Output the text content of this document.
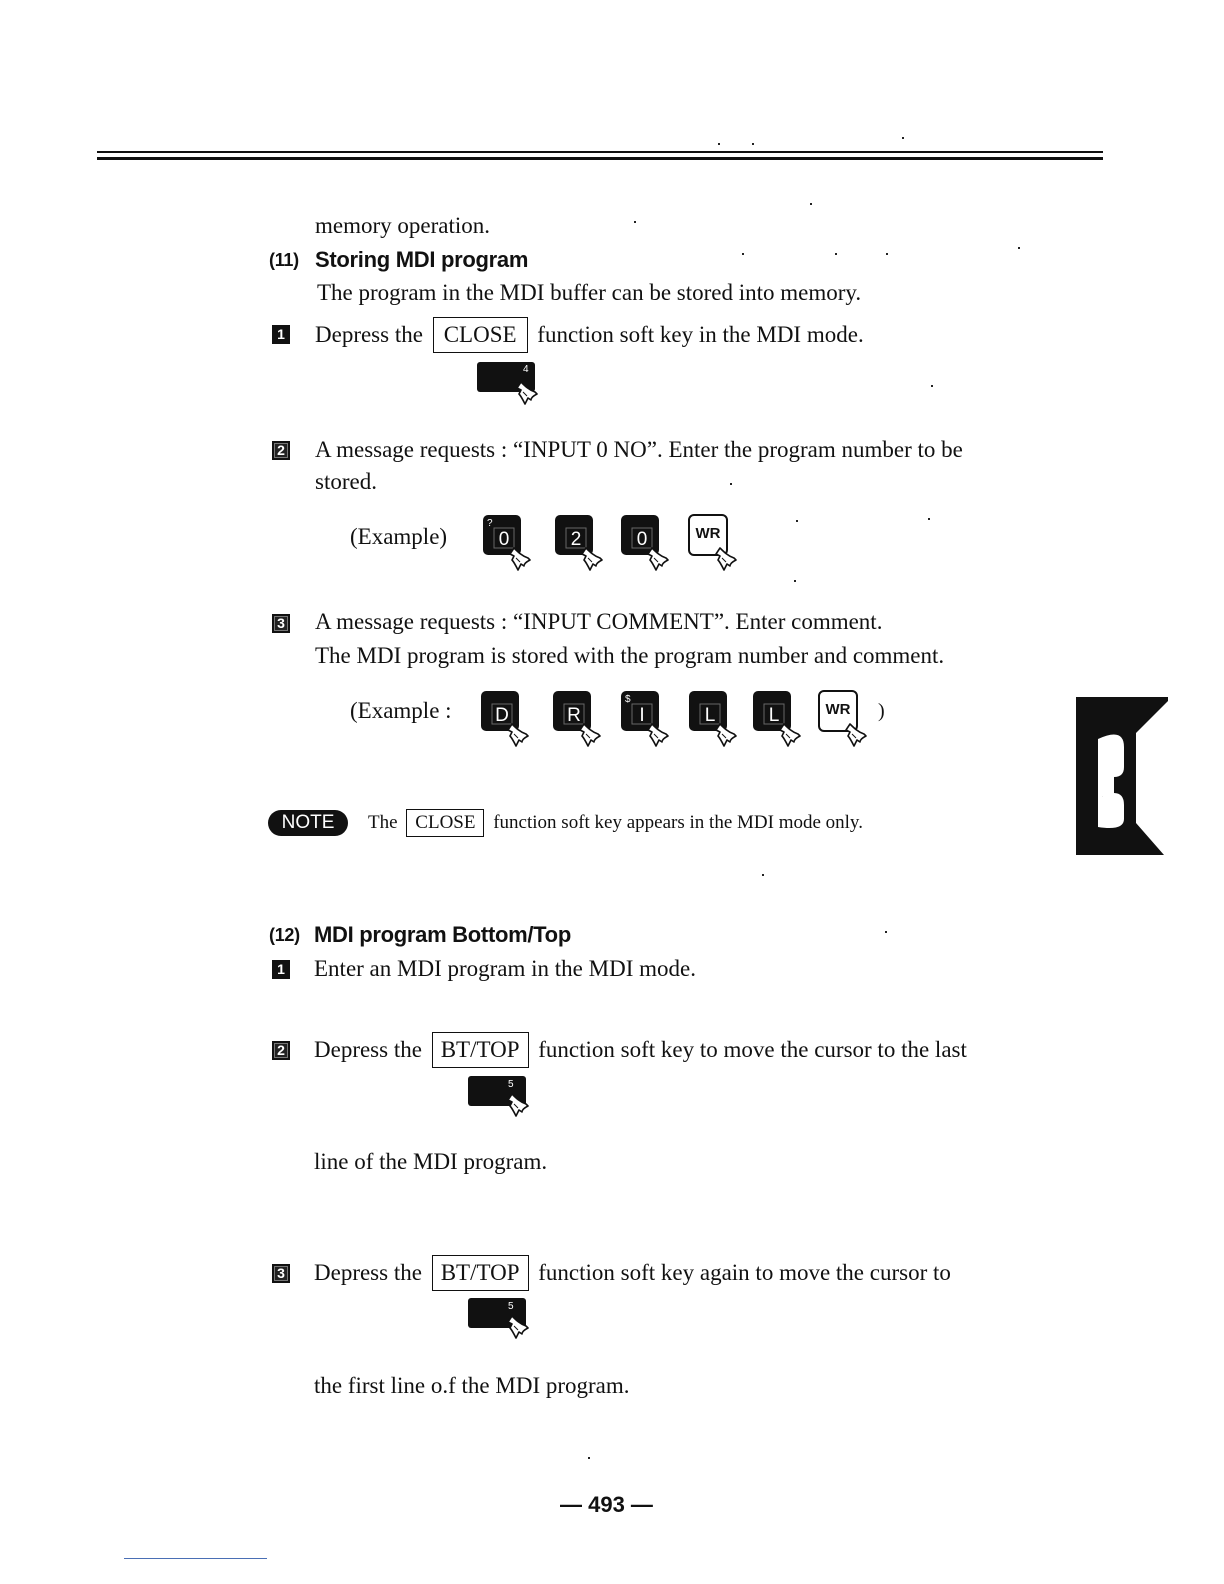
memory operation.
(11) Storing MDI program
The program in the MDI buffer can be stored into memory.
1 Depress the CLOSE function soft key in the MDI mode.
4
2 A message requests : “INPUT 0 NO”. Enter the program number to be
stored.
(Example)	0
?
2	0	WR
3 A message requests : “INPUT COMMENT”. Enter comment.
The MDI program is stored with the program number and comment.
(Example :	)
D	R	I
$
L	L	WR
NOTE	The CLOSE function soft key appears in the MDI mode only.
E
(12) MDI program Bottom/Top
1 Enter an MDI program in the MDI mode.
2 Depress the BT/TOP function soft key to move the cursor to the last
5
line of the MDI program.
3 Depress the BT/TOP function soft key again to move the cursor to
5
the first line o.f the MDI program.
— 493 —
